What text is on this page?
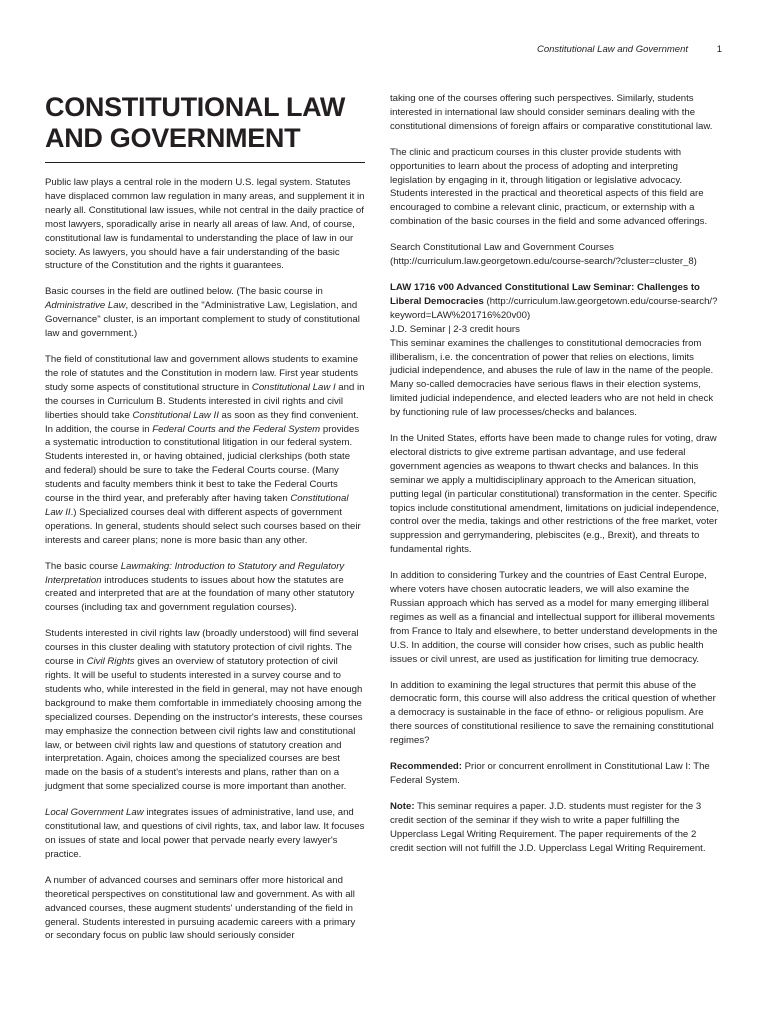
Constitutional Law and Government	1
CONSTITUTIONAL LAW AND GOVERNMENT

Public law plays a central role in the modern U.S. legal system. Statutes have displaced common law regulation in many areas, and supplement it in nearly all. Constitutional law issues, while not central in the daily practice of most lawyers, sporadically arise in nearly all areas of law. And, of course, constitutional law is fundamental to understanding the place of law in our society. As lawyers, you should have a fair understanding of the basic structure of the Constitution and the rights it guarantees.

Basic courses in the field are outlined below. (The basic course in Administrative Law, described in the "Administrative Law, Legislation, and Governance" cluster, is an important complement to study of constitutional law and government.)

The field of constitutional law and government allows students to examine the role of statutes and the Constitution in modern law. First year students study some aspects of constitutional structure in Constitutional Law I and in the courses in Curriculum B. Students interested in civil rights and civil liberties should take Constitutional Law II as soon as they find convenient. In addition, the course in Federal Courts and the Federal System provides a systematic introduction to constitutional litigation in our federal system. Students interested in, or having obtained, judicial clerkships (both state and federal) should be sure to take the Federal Courts course. (Many students and faculty members think it best to take the Federal Courts course in the third year, and preferably after having taken Constitutional Law II.) Specialized courses deal with different aspects of government operations. In general, students should select such courses based on their interests and career plans; none is more basic than any other.

The basic course Lawmaking: Introduction to Statutory and Regulatory Interpretation introduces students to issues about how the statutes are created and interpreted that are at the foundation of many other statutory courses (including tax and government regulation courses).

Students interested in civil rights law (broadly understood) will find several courses in this cluster dealing with statutory protection of civil rights. The course in Civil Rights gives an overview of statutory protection of civil rights. It will be useful to students interested in a survey course and to students who, while interested in the field in general, may not have enough background to make them comfortable in immediately choosing among the specialized courses. Depending on the instructor's interests, these courses may emphasize the connection between civil rights law and constitutional law, or between civil rights law and questions of statutory creation and interpretation. Again, choices among the specialized courses are best made on the basis of a student's interests and plans, rather than on a judgment that some specialized course is more important than another.

Local Government Law integrates issues of administrative, land use, and constitutional law, and questions of civil rights, tax, and labor law. It focuses on issues of state and local power that pervade nearly every lawyer's practice.

A number of advanced courses and seminars offer more historical and theoretical perspectives on constitutional law and government. As with all advanced courses, these augment students' understanding of the field in general. Students interested in pursuing academic careers with a primary or secondary focus on public law should seriously consider

taking one of the courses offering such perspectives. Similarly, students interested in international law should consider seminars dealing with the constitutional dimensions of foreign affairs or comparative constitutional law.

The clinic and practicum courses in this cluster provide students with opportunities to learn about the process of adopting and interpreting legislation by engaging in it, through litigation or legislative advocacy. Students interested in the practical and theoretical aspects of this field are encouraged to combine a relevant clinic, practicum, or externship with a combination of the basic courses in the field and some advanced offerings.

Search Constitutional Law and Government Courses (http://curriculum.law.georgetown.edu/course-search/?cluster=cluster_8)

LAW 1716 v00 Advanced Constitutional Law Seminar: Challenges to Liberal Democracies (http://curriculum.law.georgetown.edu/course-search/?keyword=LAW%201716%20v00)

J.D. Seminar | 2-3 credit hours

This seminar examines the challenges to constitutional democracies from illiberalism, i.e. the concentration of power that relies on elections, limits judicial independence, and abuses the rule of law in the name of the people. Many so-called democracies have serious flaws in their election systems, limited judicial independence, and elected leaders who are not held in check by functioning rule of law processes/checks and balances.

In the United States, efforts have been made to change rules for voting, draw electoral districts to give extreme partisan advantage, and use federal government agencies as weapons to thwart checks and balances. In this seminar we apply a multidisciplinary approach to the American situation, putting legal (in particular constitutional) transformation in the center. Specific topics include constitutional amendment, limitations on judicial independence, control over the media, takings and other restrictions of the free market, voter suppression and gerrymandering, plebiscites (e.g., Brexit), and threats to fundamental rights.

In addition to considering Turkey and the countries of East Central Europe, where voters have chosen autocratic leaders, we will also examine the Russian approach which has served as a model for many emerging illiberal regimes as well as a financial and intellectual support for illiberal movements from France to Italy and elsewhere, to better understand developments in the U.S. In addition, the course will consider how crises, such as public health issues or civil unrest, are used as justification for limiting true democracy.

In addition to examining the legal structures that permit this abuse of the democratic form, this course will also address the critical question of whether a democracy is sustainable in the face of ethno- or religious populism. Are there sources of constitutional resilience to save the remaining constitutional regimes?

Recommended: Prior or concurrent enrollment in Constitutional Law I: The Federal System.

Note: This seminar requires a paper. J.D. students must register for the 3 credit section of the seminar if they wish to write a paper fulfilling the Upperclass Legal Writing Requirement. The paper requirements of the 2 credit section will not fulfill the J.D. Upperclass Legal Writing Requirement.
